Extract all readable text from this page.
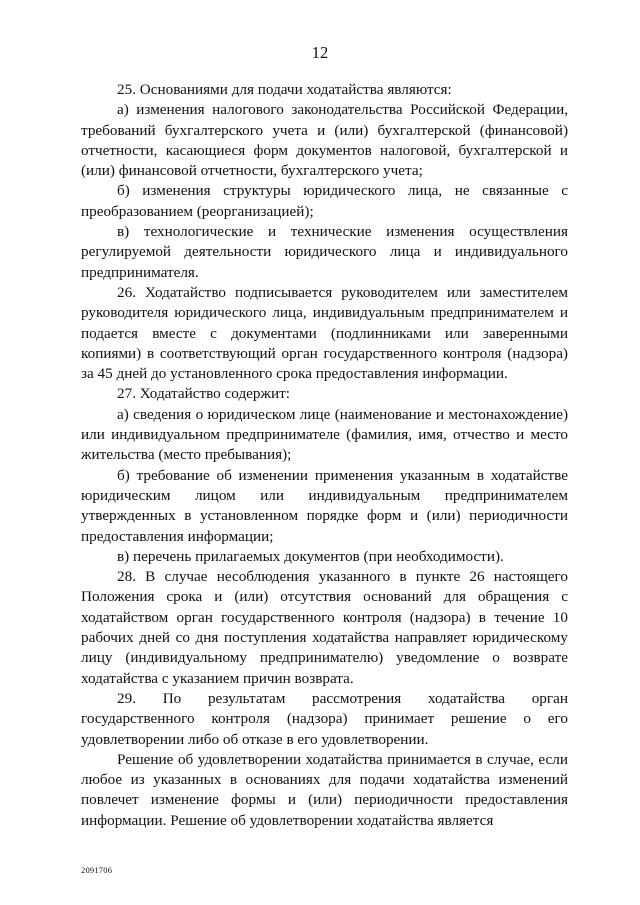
12

25. Основаниями для подачи ходатайства являются:

а) изменения налогового законодательства Российской Федерации, требований бухгалтерского учета и (или) бухгалтерской (финансовой) отчетности, касающиеся форм документов налоговой, бухгалтерской и (или) финансовой отчетности, бухгалтерского учета;

б) изменения структуры юридического лица, не связанные с преобразованием (реорганизацией);

в) технологические и технические изменения осуществления регулируемой деятельности юридического лица и индивидуального предпринимателя.

26. Ходатайство подписывается руководителем или заместителем руководителя юридического лица, индивидуальным предпринимателем и подается вместе с документами (подлинниками или заверенными копиями) в соответствующий орган государственного контроля (надзора) за 45 дней до установленного срока предоставления информации.

27. Ходатайство содержит:

а) сведения о юридическом лице (наименование и местонахождение) или индивидуальном предпринимателе (фамилия, имя, отчество и место жительства (место пребывания);

б) требование об изменении применения указанным в ходатайстве юридическим лицом или индивидуальным предпринимателем утвержденных в установленном порядке форм и (или) периодичности предоставления информации;

в) перечень прилагаемых документов (при необходимости).

28. В случае несоблюдения указанного в пункте 26 настоящего Положения срока и (или) отсутствия оснований для обращения с ходатайством орган государственного контроля (надзора) в течение 10 рабочих дней со дня поступления ходатайства направляет юридическому лицу (индивидуальному предпринимателю) уведомление о возврате ходатайства с указанием причин возврата.

29. По результатам рассмотрения ходатайства орган государственного контроля (надзора) принимает решение о его удовлетворении либо об отказе в его удовлетворении.

Решение об удовлетворении ходатайства принимается в случае, если любое из указанных в основаниях для подачи ходатайства изменений повлечет изменение формы и (или) периодичности предоставления информации. Решение об удовлетворении ходатайства является

2091706
